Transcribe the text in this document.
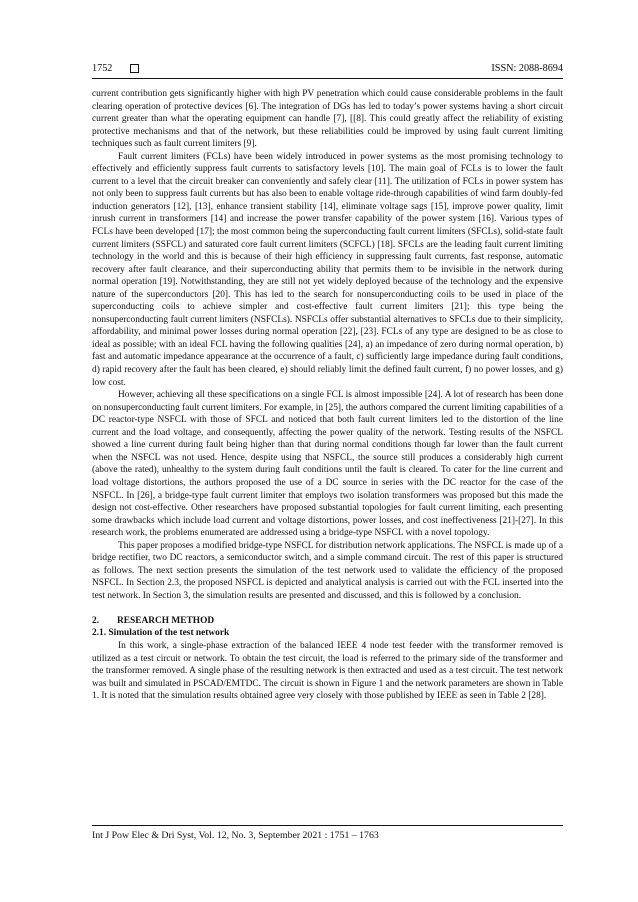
1752	ISSN: 2088-8694

current contribution gets significantly higher with high PV penetration which could cause considerable problems in the fault clearing operation of protective devices [6]. The integration of DGs has led to today’s power systems having a short circuit current greater than what the operating equipment can handle [7], [[8]. This could greatly affect the reliability of existing protective mechanisms and that of the network, but these reliabilities could be improved by using fault current limiting techniques such as fault current limiters [9].

Fault current limiters (FCLs) have been widely introduced in power systems as the most promising technology to effectively and efficiently suppress fault currents to satisfactory levels [10]. The main goal of FCLs is to lower the fault current to a level that the circuit breaker can conveniently and safely clear [11]. The utilization of FCLs in power system has not only been to suppress fault currents but has also been to enable voltage ride-through capabilities of wind farm doubly-fed induction generators [12], [13], enhance transient stability [14], eliminate voltage sags [15], improve power quality, limit inrush current in transformers [14] and increase the power transfer capability of the power system [16]. Various types of FCLs have been developed [17]; the most common being the superconducting fault current limiters (SFCLs), solid-state fault current limiters (SSFCL) and saturated core fault current limiters (SCFCL) [18]. SFCLs are the leading fault current limiting technology in the world and this is because of their high efficiency in suppressing fault currents, fast response, automatic recovery after fault clearance, and their superconducting ability that permits them to be invisible in the network during normal operation [19]. Notwithstanding, they are still not yet widely deployed because of the technology and the expensive nature of the superconductors [20]. This has led to the search for nonsuperconducting coils to be used in place of the superconducting coils to achieve simpler and cost-effective fault current limiters [21]; this type being the nonsuperconducting fault current limiters (NSFCLs). NSFCLs offer substantial alternatives to SFCLs due to their simplicity, affordability, and minimal power losses during normal operation [22], [23]. FCLs of any type are designed to be as close to ideal as possible; with an ideal FCL having the following qualities [24], a) an impedance of zero during normal operation, b) fast and automatic impedance appearance at the occurrence of a fault, c) sufficiently large impedance during fault conditions, d) rapid recovery after the fault has been cleared, e) should reliably limit the defined fault current, f) no power losses, and g) low cost.

However, achieving all these specifications on a single FCL is almost impossible [24]. A lot of research has been done on nonsuperconducting fault current limiters. For example, in [25], the authors compared the current limiting capabilities of a DC reactor-type NSFCL with those of SFCL and noticed that both fault current limiters led to the distortion of the line current and the load voltage, and consequently, affecting the power quality of the network. Testing results of the NSFCL showed a line current during fault being higher than that during normal conditions though far lower than the fault current when the NSFCL was not used. Hence, despite using that NSFCL, the source still produces a considerably high current (above the rated), unhealthy to the system during fault conditions until the fault is cleared. To cater for the line current and load voltage distortions, the authors proposed the use of a DC source in series with the DC reactor for the case of the NSFCL. In [26], a bridge-type fault current limiter that employs two isolation transformers was proposed but this made the design not cost-effective. Other researchers have proposed substantial topologies for fault current limiting, each presenting some drawbacks which include load current and voltage distortions, power losses, and cost ineffectiveness [21]-[27]. In this research work, the problems enumerated are addressed using a bridge-type NSFCL with a novel topology.

This paper proposes a modified bridge-type NSFCL for distribution network applications. The NSFCL is made up of a bridge rectifier, two DC reactors, a semiconductor switch, and a simple command circuit. The rest of this paper is structured as follows. The next section presents the simulation of the test network used to validate the efficiency of the proposed NSFCL. In Section 2.3, the proposed NSFCL is depicted and analytical analysis is carried out with the FCL inserted into the test network. In Section 3, the simulation results are presented and discussed, and this is followed by a conclusion.

2. RESEARCH METHOD
2.1. Simulation of the test network

In this work, a single-phase extraction of the balanced IEEE 4 node test feeder with the transformer removed is utilized as a test circuit or network. To obtain the test circuit, the load is referred to the primary side of the transformer and the transformer removed. A single phase of the resulting network is then extracted and used as a test circuit. The test network was built and simulated in PSCAD/EMTDC. The circuit is shown in Figure 1 and the network parameters are shown in Table 1. It is noted that the simulation results obtained agree very closely with those published by IEEE as seen in Table 2 [28].

Int J Pow Elec & Dri Syst, Vol. 12, No. 3, September 2021 : 1751 – 1763
